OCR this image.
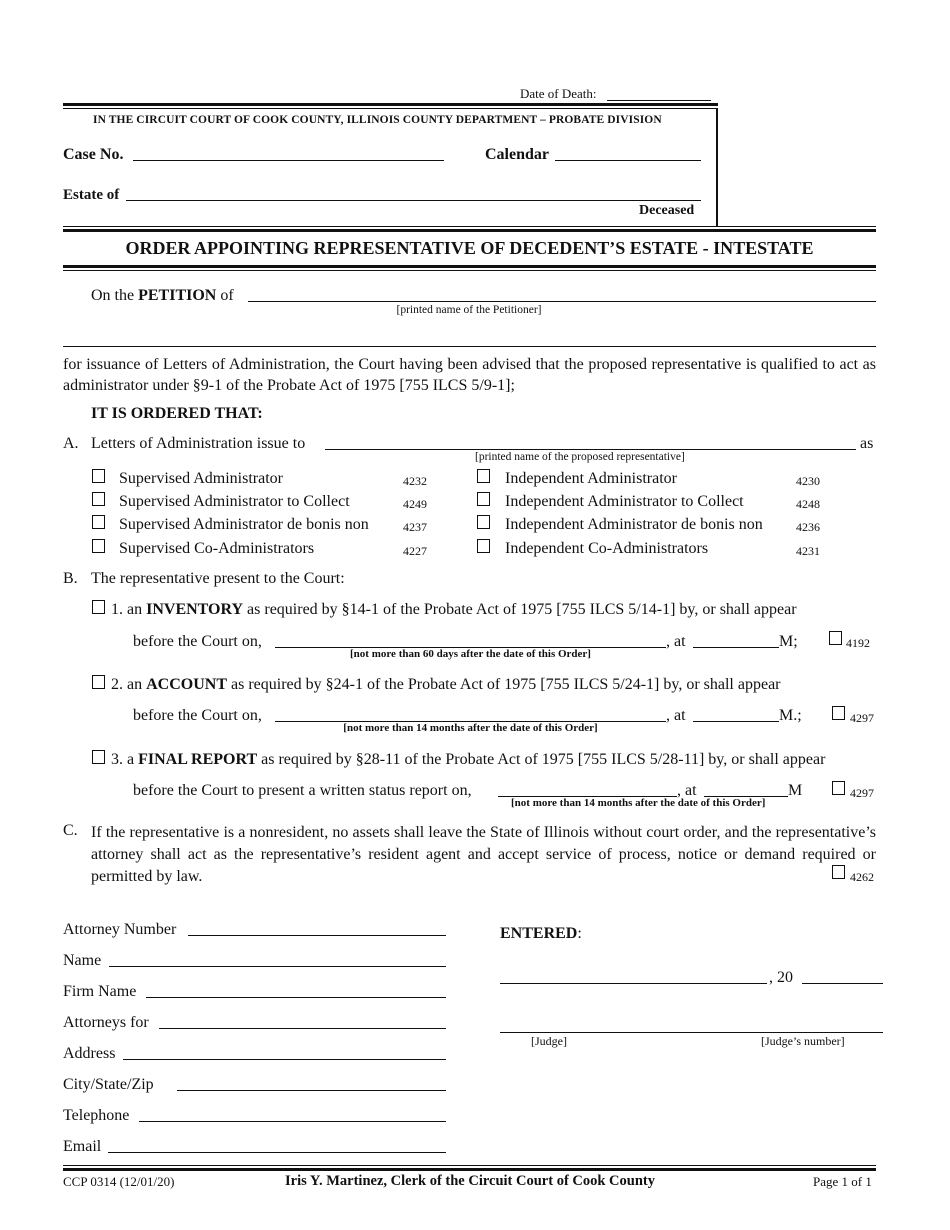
Date of Death:
IN THE CIRCUIT COURT OF COOK COUNTY, ILLINOIS COUNTY DEPARTMENT – PROBATE DIVISION
Case No.	Calendar
Estate of
Deceased
ORDER APPOINTING REPRESENTATIVE OF DECEDENT’S ESTATE - INTESTATE
On the PETITION of
[printed name of the Petitioner]
for issuance of Letters of Administration, the Court having been advised that the proposed representative is qualified to act as administrator under §9-1 of the Probate Act of 1975 [755 ILCS 5/9-1];
IT IS ORDERED THAT:
A. Letters of Administration issue to	as
[printed name of the proposed representative]
Supervised Administrator	4232
Supervised Administrator to Collect	4249
Supervised Administrator de bonis non	4237
Supervised Co-Administrators	4227
Independent Administrator	4230
Independent Administrator to Collect	4248
Independent Administrator de bonis non	4236
Independent Co-Administrators	4231
B. The representative present to the Court:
1. an INVENTORY as required by §14-1 of the Probate Act of 1975 [755 ILCS 5/14-1] by, or shall appear
before the Court on,	, at	M;
[not more than 60 days after the date of this Order]
4192
2. an ACCOUNT as required by §24-1 of the Probate Act of 1975 [755 ILCS 5/24-1] by, or shall appear
before the Court on,	, at	M.;
[not more than 14 months after the date of this Order]
4297
3. a FINAL REPORT as required by §28-11 of the Probate Act of 1975 [755 ILCS 5/28-11] by, or shall appear
before the Court to present a written status report on,	, at	M
[not more than 14 months after the date of this Order]
4297
C. If the representative is a nonresident, no assets shall leave the State of Illinois without court order, and the representative’s attorney shall act as the representative’s resident agent and accept service of process, notice or demand required or permitted by law.	4262
Attorney Number
Name
Firm Name
Attorneys for
Address
City/State/Zip
Telephone
Email
ENTERED:
, 20
[Judge]	[Judge’s number]
CCP 0314 (12/01/20)	Iris Y. Martinez, Clerk of the Circuit Court of Cook County	Page 1 of 1
